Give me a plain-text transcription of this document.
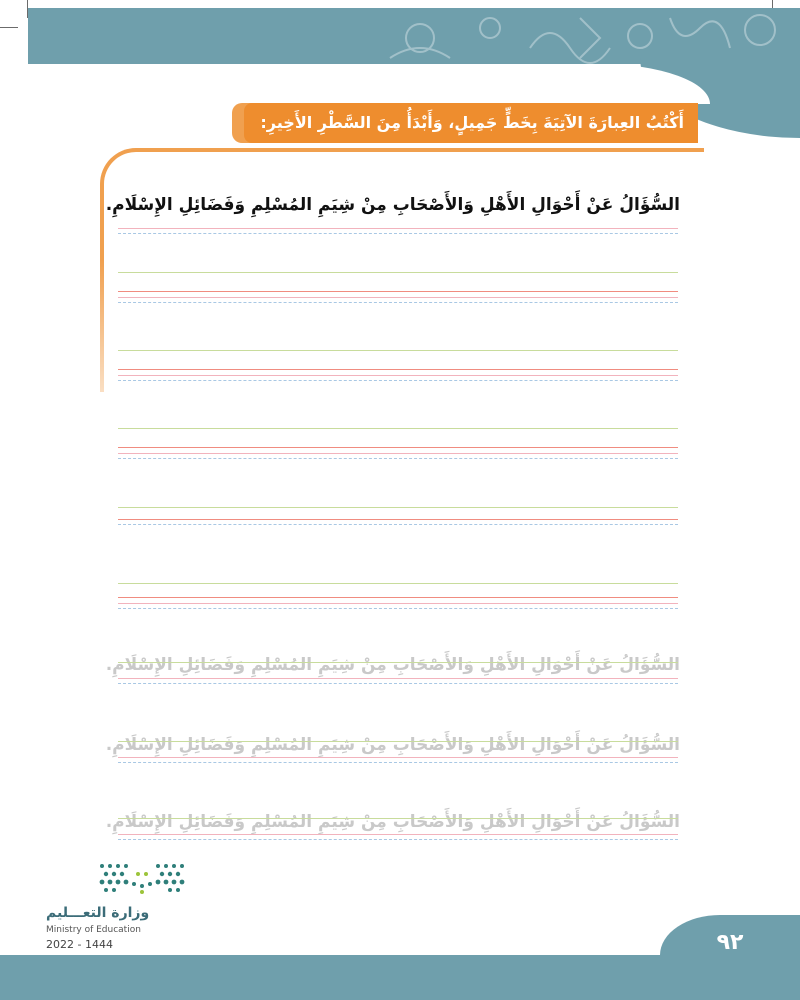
أَكْتُبُ العِبارَةَ الآتِيَةَ بِخَطٍّ جَمِيلٍ، وَأَبْدَأُ مِنَ السَّطْرِ الأَخِيرِ:
السُّؤَالُ عَنْ أَحْوَالِ الأَهْلِ وَالأَصْحَابِ مِنْ شِيَمِ المُسْلِمِ وَفَضَائِلِ الإِسْلَامِ.
السُّؤَالُ عَنْ أَحْوَالِ الأَهْلِ وَالأَصْحَابِ مِنْ شِيَمِ المُسْلِمِ وَفَضَائِلِ الإِسْلَامِ.
السُّؤَالُ عَنْ أَحْوَالِ الأَهْلِ وَالأَصْحَابِ مِنْ شِيَمِ المُسْلِمِ وَفَضَائِلِ الإِسْلَامِ.
السُّؤَالُ عَنْ أَحْوَالِ الأَهْلِ وَالأَصْحَابِ مِنْ شِيَمِ المُسْلِمِ وَفَضَائِلِ الإِسْلَامِ.
٩٢
وزارة التعـــليم
Ministry of Education
2022 - 1444
